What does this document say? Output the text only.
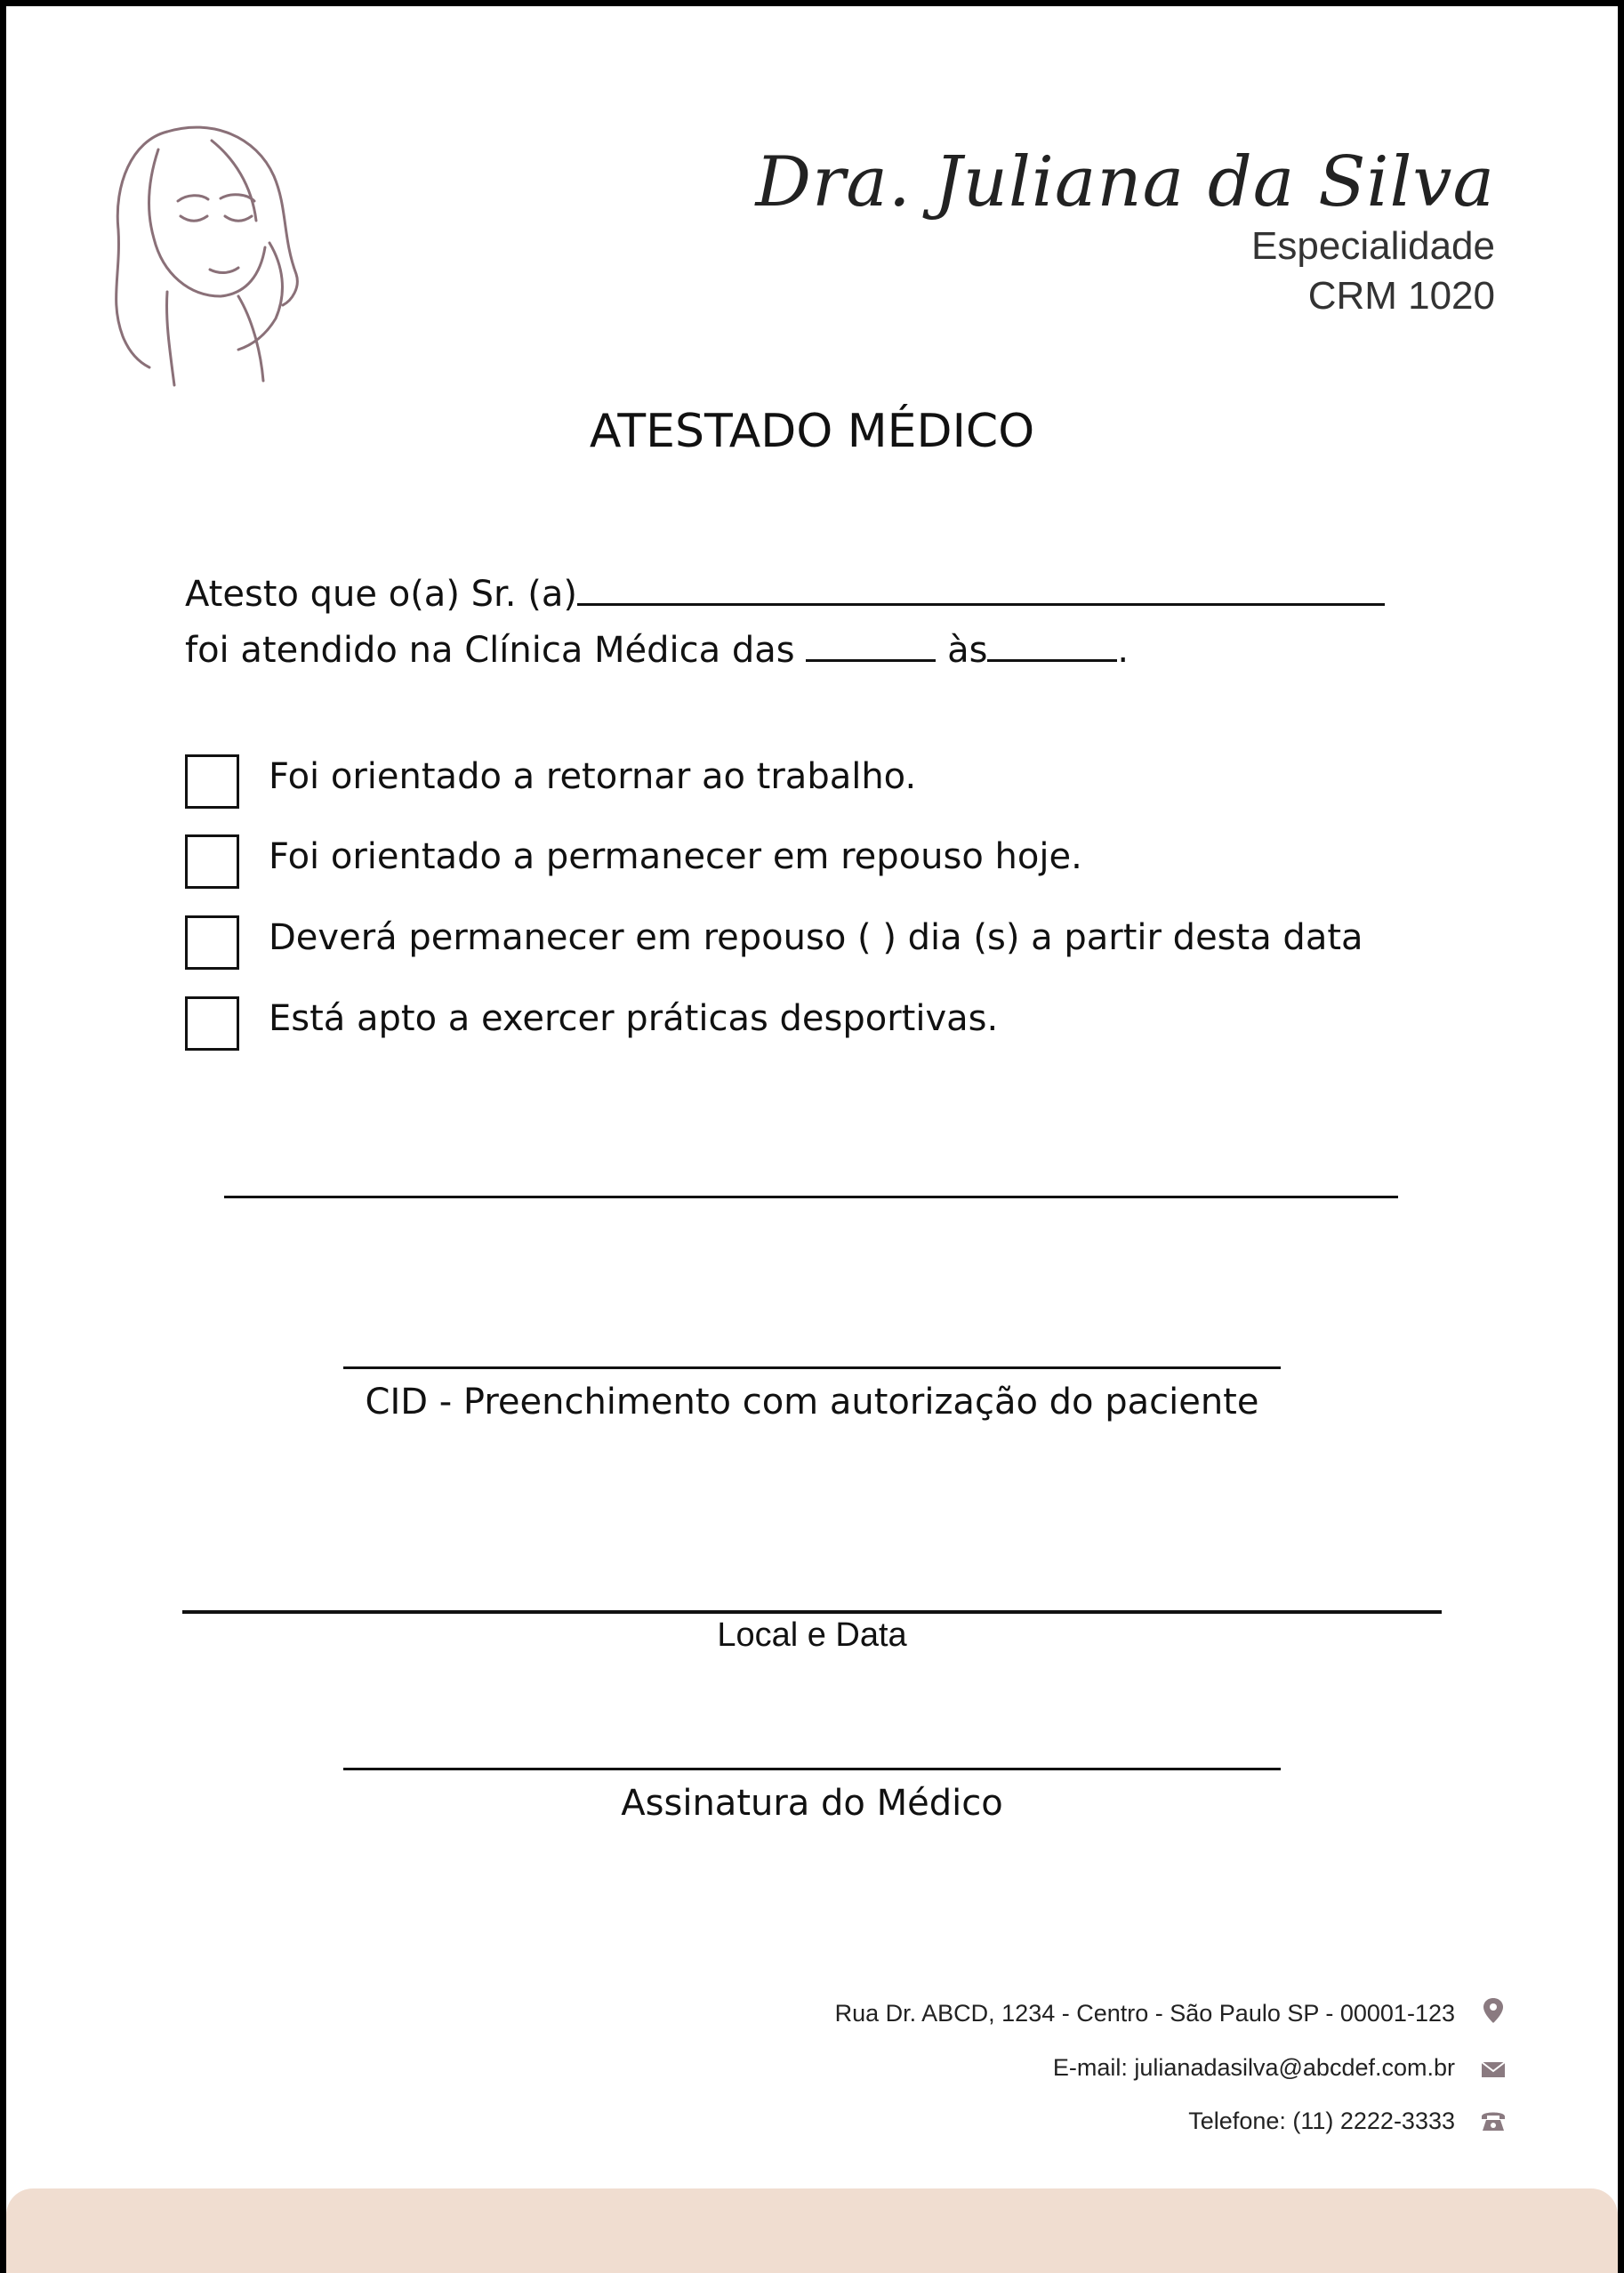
Dra. Juliana da Silva
Especialidade
CRM 1020
ATESTADO MÉDICO
Atesto que o(a) Sr. (a)
foi atendido na Clínica Médica das	às	.
Foi orientado a retornar ao trabalho.
Foi orientado a permanecer em repouso hoje.
Deverá permanecer em repouso ( ) dia (s) a partir desta data
Está apto a exercer práticas desportivas.
CID - Preenchimento com autorização do paciente
Local e Data
Assinatura do Médico
Rua Dr. ABCD, 1234 - Centro - São Paulo SP - 00001-123
E-mail: julianadasilva@abcdef.com.br
Telefone: (11) 2222-3333
